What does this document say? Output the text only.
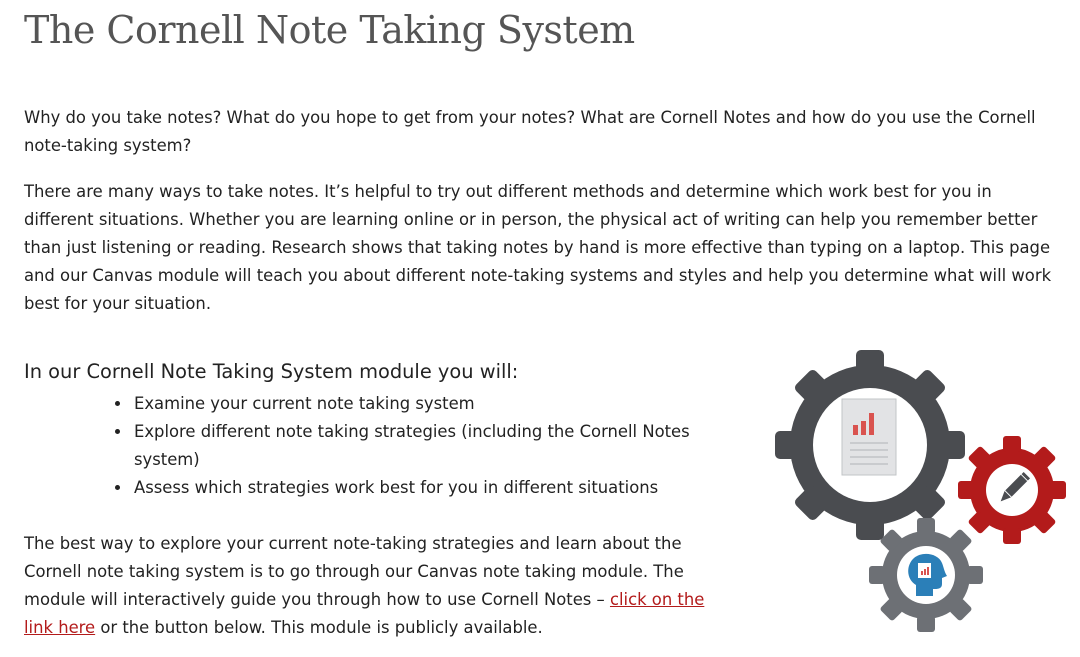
The Cornell Note Taking System

Why do you take notes? What do you hope to get from your notes? What are Cornell Notes and how do you use the Cornell note-taking system?

There are many ways to take notes. It’s helpful to try out different methods and determine which work best for you in different situations. Whether you are learning online or in person, the physical act of writing can help you remember better than just listening or reading. Research shows that taking notes by hand is more effective than typing on a laptop. This page and our Canvas module will teach you about different note-taking systems and styles and help you determine what will work best for your situation.

In our Cornell Note Taking System module you will:
• Examine your current note taking system
• Explore different note taking strategies (including the Cornell Notes system)
• Assess which strategies work best for you in different situations

The best way to explore your current note-taking strategies and learn about the Cornell note taking system is to go through our Canvas note taking module. The module will interactively guide you through how to use Cornell Notes – click on the link here or the button below. This module is publicly available.
